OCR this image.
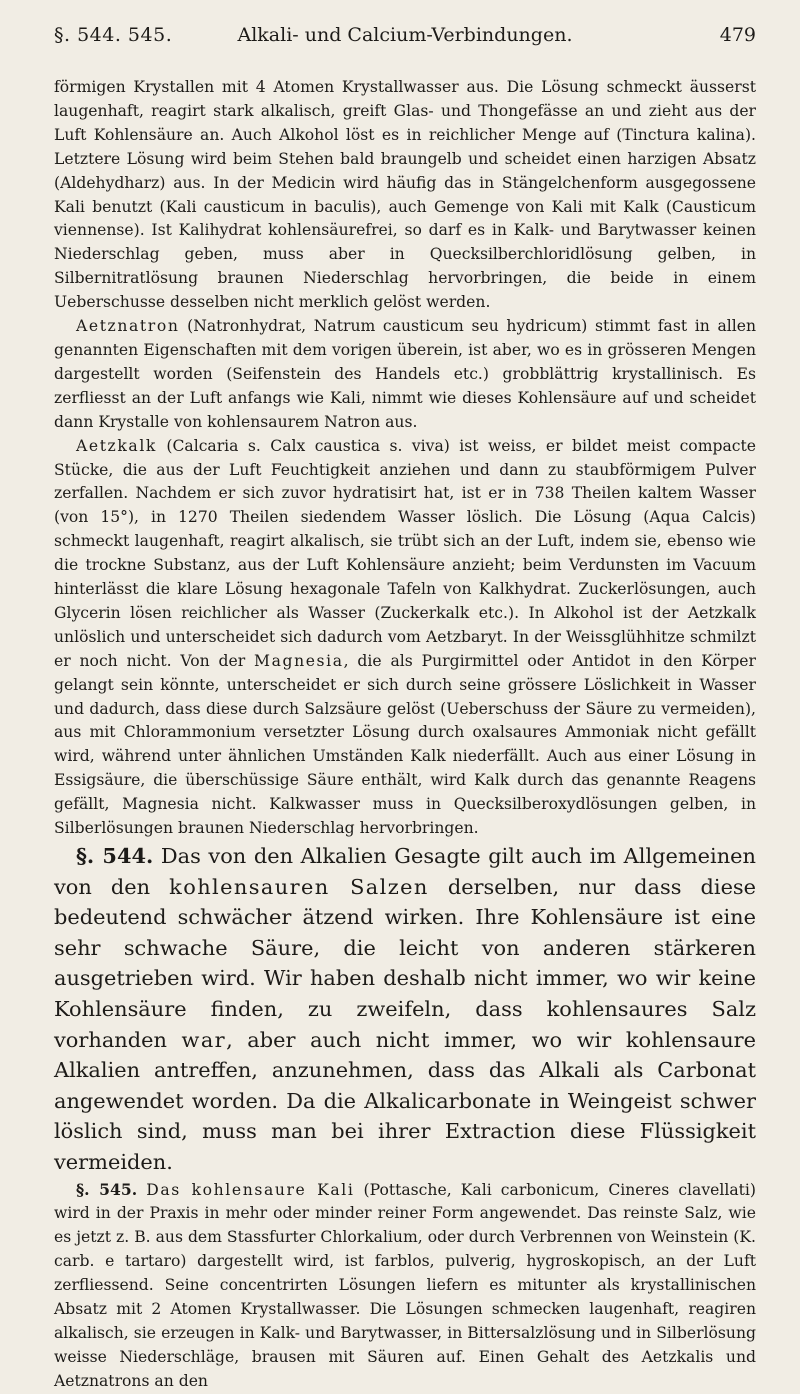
§. 544. 545.	Alkali- und Calcium-Verbindungen.	479

förmigen Krystallen mit 4 Atomen Krystallwasser aus. Die Lösung schmeckt äusserst laugenhaft, reagirt stark alkalisch, greift Glas- und Thongefässe an und zieht aus der Luft Kohlensäure an. Auch Alkohol löst es in reichlicher Menge auf (Tinctura kalina). Letztere Lösung wird beim Stehen bald braungelb und scheidet einen harzigen Absatz (Aldehydharz) aus. In der Medicin wird häufig das in Stängelchenform ausgegossene Kali benutzt (Kali causticum in baculis), auch Gemenge von Kali mit Kalk (Causticum viennense). Ist Kalihydrat kohlensäurefrei, so darf es in Kalk- und Barytwasser keinen Niederschlag geben, muss aber in Quecksilberchloridlösung gelben, in Silbernitratlösung braunen Niederschlag hervorbringen, die beide in einem Ueberschusse desselben nicht merklich gelöst werden.

Aetznatron (Natronhydrat, Natrum causticum seu hydricum) stimmt fast in allen genannten Eigenschaften mit dem vorigen überein, ist aber, wo es in grösseren Mengen dargestellt worden (Seifenstein des Handels etc.) grobblättrig krystallinisch. Es zerfliesst an der Luft anfangs wie Kali, nimmt wie dieses Kohlensäure auf und scheidet dann Krystalle von kohlensaurem Natron aus.

Aetzkalk (Calcaria s. Calx caustica s. viva) ist weiss, er bildet meist compacte Stücke, die aus der Luft Feuchtigkeit anziehen und dann zu staubförmigem Pulver zerfallen. Nachdem er sich zuvor hydratisirt hat, ist er in 738 Theilen kaltem Wasser (von 15°), in 1270 Theilen siedendem Wasser löslich. Die Lösung (Aqua Calcis) schmeckt laugenhaft, reagirt alkalisch, sie trübt sich an der Luft, indem sie, ebenso wie die trockne Substanz, aus der Luft Kohlensäure anzieht; beim Verdunsten im Vacuum hinterlässt die klare Lösung hexagonale Tafeln von Kalkhydrat. Zuckerlösungen, auch Glycerin lösen reichlicher als Wasser (Zuckerkalk etc.). In Alkohol ist der Aetzkalk unlöslich und unterscheidet sich dadurch vom Aetzbaryt. In der Weissglühhitze schmilzt er noch nicht. Von der Magnesia, die als Purgirmittel oder Antidot in den Körper gelangt sein könnte, unterscheidet er sich durch seine grössere Löslichkeit in Wasser und dadurch, dass diese durch Salzsäure gelöst (Ueberschuss der Säure zu vermeiden), aus mit Chlorammonium versetzter Lösung durch oxalsaures Ammoniak nicht gefällt wird, während unter ähnlichen Umständen Kalk niederfällt. Auch aus einer Lösung in Essigsäure, die überschüssige Säure enthält, wird Kalk durch das genannte Reagens gefällt, Magnesia nicht. Kalkwasser muss in Quecksilberoxydlösungen gelben, in Silberlösungen braunen Niederschlag hervorbringen.

§. 544. Das von den Alkalien Gesagte gilt auch im Allgemeinen von den kohlensauren Salzen derselben, nur dass diese bedeutend schwächer ätzend wirken. Ihre Kohlensäure ist eine sehr schwache Säure, die leicht von anderen stärkeren ausgetrieben wird. Wir haben deshalb nicht immer, wo wir keine Kohlensäure finden, zu zweifeln, dass kohlensaures Salz vorhanden war, aber auch nicht immer, wo wir kohlensaure Alkalien antreffen, anzunehmen, dass das Alkali als Carbonat angewendet worden. Da die Alkalicarbonate in Weingeist schwer löslich sind, muss man bei ihrer Extraction diese Flüssigkeit vermeiden.

§. 545. Das kohlensaure Kali (Pottasche, Kali carbonicum, Cineres clavellati) wird in der Praxis in mehr oder minder reiner Form angewendet. Das reinste Salz, wie es jetzt z. B. aus dem Stassfurter Chlorkalium, oder durch Verbrennen von Weinstein (K. carb. e tartaro) dargestellt wird, ist farblos, pulverig, hygroskopisch, an der Luft zerfliessend. Seine concentrirten Lösungen liefern es mitunter als krystallinischen Absatz mit 2 Atomen Krystallwasser. Die Lösungen schmecken laugenhaft, reagiren alkalisch, sie erzeugen in Kalk- und Barytwasser, in Bittersalzlösung und in Silberlösung weisse Niederschläge, brausen mit Säuren auf. Einen Gehalt des Aetzkalis und Aetznatrons an den
